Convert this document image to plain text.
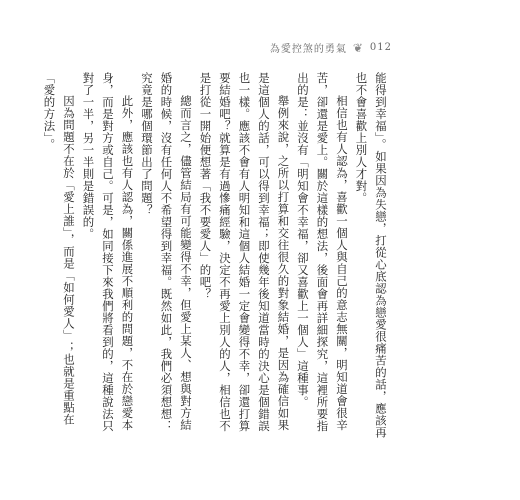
為愛控煞的勇氣 ❦ 012

能得到幸福」。如果因為失戀，打從心底認為戀愛很痛苦的話，應該再也不會喜歡上別人才對。

相信也有人認為，喜歡一個人與自己的意志無關，明知道會很辛苦，卻還是愛上。關於這樣的想法，後面會再詳細探究，這裡所要指出的是：並沒有「明知會不幸福，卻又喜歡上一個人」這種事。

舉例來說，之所以打算和交往很久的對象結婚，是因為確信如果是這個人的話，可以得到幸福；即使幾年後知道當時的決心是個錯誤也一樣。應該不會有人明知和這個人結婚一定會變得不幸，卻還打算要結婚吧？就算是有過慘痛經驗，決定不再愛上別人的人，相信也不是打從一開始便想著「我不要愛人」的吧？

總而言之，儘管結局有可能變得不幸，但愛上某人、想與對方結婚的時候，沒有任何人不希望得到幸福。既然如此，我們必須想想：究竟是哪個環節出了問題？

此外，應該也有人認為，關係進展不順利的問題，不在於戀愛本身，而是對方或自己。可是，如同接下來我們將看到的，這種說法只對了一半，另一半則是錯誤的。

因為問題不在於「愛上誰」，而是「如何愛人」；也就是重點在「愛的方法」。
